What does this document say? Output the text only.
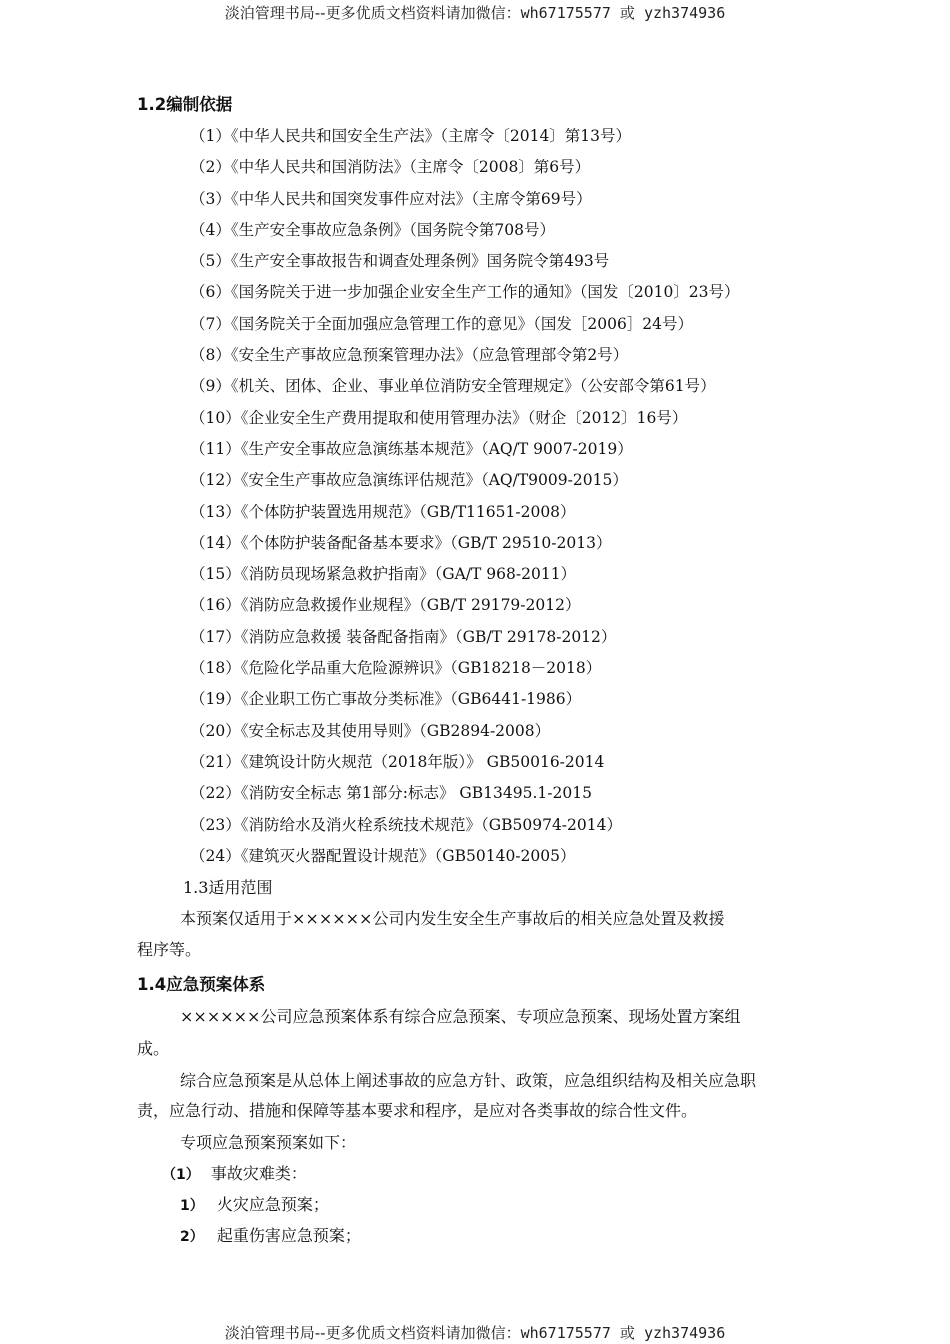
淡泊管理书局--更多优质文档资料请加微信：wh67175577 或 yzh374936
1.2编制依据
（1）《中华人民共和国安全生产法》（主席令〔2014〕第13号）
（2）《中华人民共和国消防法》（主席令〔2008〕第6号）
（3）《中华人民共和国突发事件应对法》（主席令第69号）
（4）《生产安全事故应急条例》（国务院令第708号）
（5）《生产安全事故报告和调查处理条例》国务院令第493号
（6）《国务院关于进一步加强企业安全生产工作的通知》（国发〔2010〕23号）
（7）《国务院关于全面加强应急管理工作的意见》（国发［2006］24号）
（8）《安全生产事故应急预案管理办法》（应急管理部令第2号）
（9）《机关、团体、企业、事业单位消防安全管理规定》（公安部令第61号）
（10）《企业安全生产费用提取和使用管理办法》（财企〔2012〕16号）
（11）《生产安全事故应急演练基本规范》（AQ/T 9007-2019）
（12）《安全生产事故应急演练评估规范》（AQ/T9009-2015）
（13）《个体防护装置选用规范》（GB/T11651-2008）
（14）《个体防护装备配备基本要求》（GB/T 29510-2013）
（15）《消防员现场紧急救护指南》（GA/T 968-2011）
（16）《消防应急救援作业规程》（GB/T 29179-2012）
（17）《消防应急救援 装备配备指南》（GB/T 29178-2012）
（18）《危险化学品重大危险源辨识》（GB18218－2018）
（19）《企业职工伤亡事故分类标准》（GB6441-1986）
（20）《安全标志及其使用导则》（GB2894-2008）
（21）《建筑设计防火规范（2018年版）》 GB50016-2014
（22）《消防安全标志 第1部分:标志》 GB13495.1-2015
（23）《消防给水及消火栓系统技术规范》（GB50974-2014）
（24）《建筑灭火器配置设计规范》（GB50140-2005）
1.3适用范围
本预案仅适用于××××××公司内发生安全生产事故后的相关应急处置及救援
程序等。
1.4应急预案体系
××××××公司应急预案体系有综合应急预案、专项应急预案、现场处置方案组
成。
综合应急预案是从总体上阐述事故的应急方针、政策，应急组织结构及相关应急职
责，应急行动、措施和保障等基本要求和程序，是应对各类事故的综合性文件。
专项应急预案预案如下：
（1） 事故灾难类：
1） 火灾应急预案；
2） 起重伤害应急预案；
淡泊管理书局--更多优质文档资料请加微信：wh67175577 或 yzh374936
